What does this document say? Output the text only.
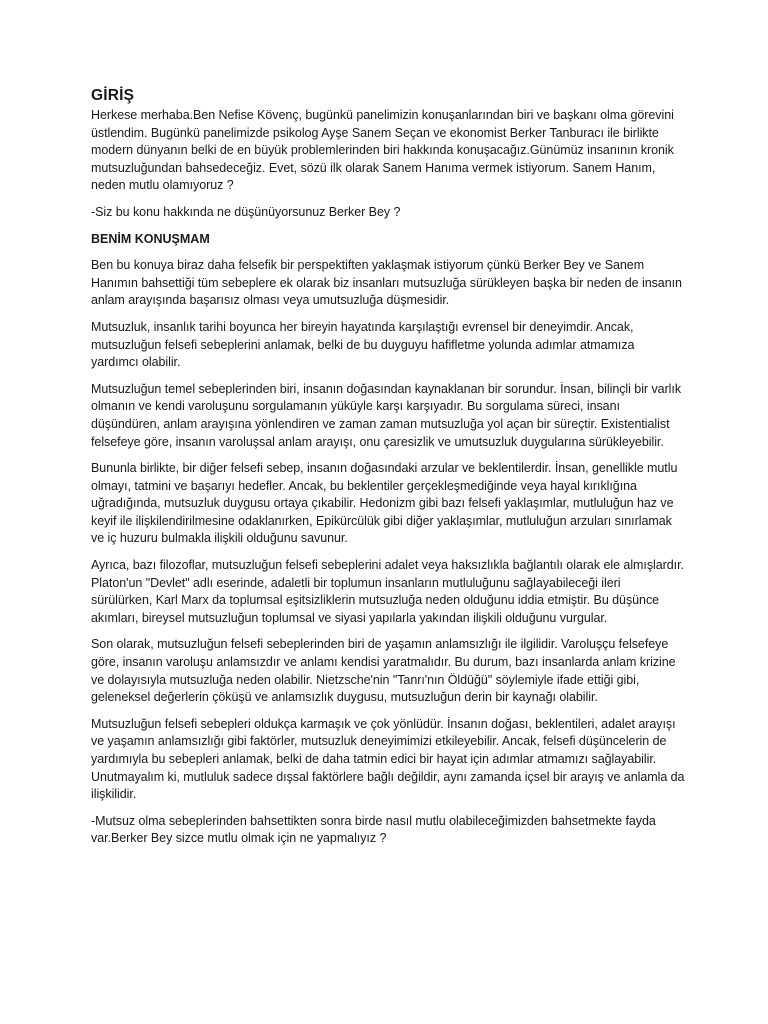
GİRİŞ

Herkese merhaba.Ben Nefise Kövenç, bugünkü panelimizin konuşanlarından biri ve başkanı olma görevini üstlendim. Bugünkü panelimizde psikolog Ayşe Sanem Seçan ve ekonomist Berker Tanburacı ile birlikte modern dünyanın belki de en büyük problemlerinden biri hakkında konuşacağız.Günümüz insanının kronik mutsuzluğundan bahsedeceğiz. Evet, sözü ilk olarak Sanem Hanıma vermek istiyorum. Sanem Hanım, neden mutlu olamıyoruz ?

-Siz bu konu hakkında ne düşünüyorsunuz Berker Bey ?

BENİM KONUŞMAM

Ben bu konuya biraz daha felsefik bir perspektiften yaklaşmak istiyorum çünkü Berker Bey ve Sanem Hanımın bahsettiği tüm sebeplere ek olarak biz insanları mutsuzluğa sürükleyen başka bir neden de insanın anlam arayışında başarısız olması veya umutsuzluğa düşmesidir.

Mutsuzluk, insanlık tarihi boyunca her bireyin hayatında karşılaştığı evrensel bir deneyimdir. Ancak, mutsuzluğun felsefi sebeplerini anlamak, belki de bu duyguyu hafifletme yolunda adımlar atmamıza yardımcı olabilir.

Mutsuzluğun temel sebeplerinden biri, insanın doğasından kaynaklanan bir sorundur. İnsan, bilinçli bir varlık olmanın ve kendi varoluşunu sorgulamanın yüküyle karşı karşıyadır. Bu sorgulama süreci, insanı düşündüren, anlam arayışına yönlendiren ve zaman zaman mutsuzluğa yol açan bir süreçtir. Existentialist felsefeye göre, insanın varoluşsal anlam arayışı, onu çaresizlik ve umutsuzluk duygularına sürükleyebilir.

Bununla birlikte, bir diğer felsefi sebep, insanın doğasındaki arzular ve beklentilerdir. İnsan, genellikle mutlu olmayı, tatmini ve başarıyı hedefler. Ancak, bu beklentiler gerçekleşmediğinde veya hayal kırıklığına uğradığında, mutsuzluk duygusu ortaya çıkabilir. Hedonizm gibi bazı felsefi yaklaşımlar, mutluluğun haz ve keyif ile ilişkilendirilmesine odaklanırken, Epikürcülük gibi diğer yaklaşımlar, mutluluğun arzuları sınırlamak ve iç huzuru bulmakla ilişkili olduğunu savunur.

Ayrıca, bazı filozoflar, mutsuzluğun felsefi sebeplerini adalet veya haksızlıkla bağlantılı olarak ele almışlardır. Platon'un "Devlet" adlı eserinde, adaletli bir toplumun insanların mutluluğunu sağlayabileceği ileri sürülürken, Karl Marx da toplumsal eşitsizliklerin mutsuzluğa neden olduğunu iddia etmiştir. Bu düşünce akımları, bireysel mutsuzluğun toplumsal ve siyasi yapılarla yakından ilişkili olduğunu vurgular.

Son olarak, mutsuzluğun felsefi sebeplerinden biri de yaşamın anlamsızlığı ile ilgilidir. Varoluşçu felsefeye göre, insanın varoluşu anlamsızdır ve anlamı kendisi yaratmalıdır. Bu durum, bazı insanlarda anlam krizine ve dolayısıyla mutsuzluğa neden olabilir. Nietzsche'nin "Tanrı'nın Öldüğü" söylemiyle ifade ettiği gibi, geleneksel değerlerin çöküşü ve anlamsızlık duygusu, mutsuzluğun derin bir kaynağı olabilir.

Mutsuzluğun felsefi sebepleri oldukça karmaşık ve çok yönlüdür. İnsanın doğası, beklentileri, adalet arayışı ve yaşamın anlamsızlığı gibi faktörler, mutsuzluk deneyimimizi etkileyebilir. Ancak, felsefi düşüncelerin de yardımıyla bu sebepleri anlamak, belki de daha tatmin edici bir hayat için adımlar atmamızı sağlayabilir. Unutmayalım ki, mutluluk sadece dışsal faktörlere bağlı değildir, aynı zamanda içsel bir arayış ve anlamla da ilişkilidir.

-Mutsuz olma sebeplerinden bahsettikten sonra birde nasıl mutlu olabileceğimizden bahsetmekte fayda var.Berker Bey sizce mutlu olmak için ne yapmalıyız ?
